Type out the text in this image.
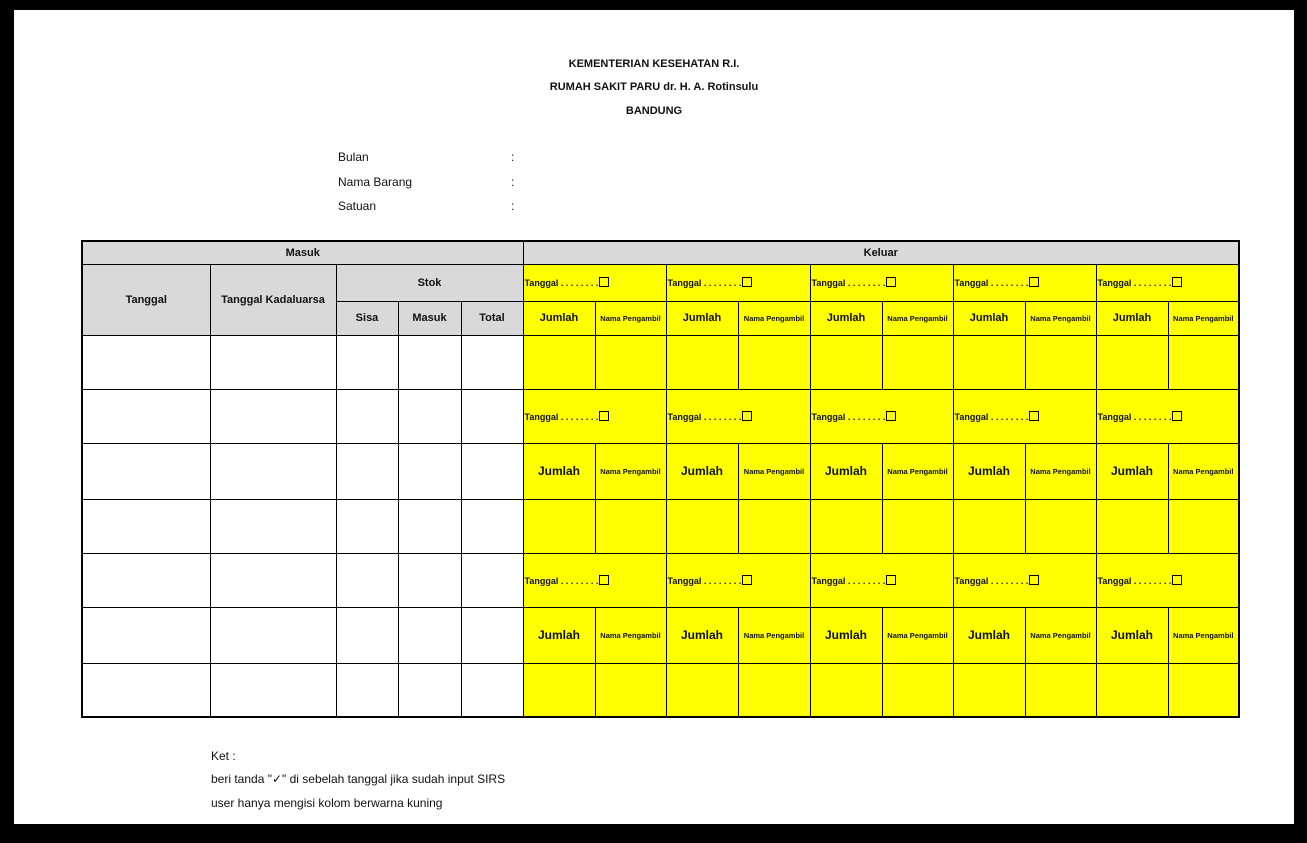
KEMENTERIAN KESEHATAN R.I.
RUMAH SAKIT PARU dr. H. A. Rotinsulu
BANDUNG
Bulan	:
Nama Barang	:
Satuan	:
Masuk					Keluar									
Tanggal	Tanggal Kadaluarsa	Stok			Tanggal . . . . . . . .		Tanggal . . . . . . . .		Tanggal . . . . . . . .		Tanggal . . . . . . . .		Tanggal . . . . . . . .	
		Sisa	Masuk	Total	Jumlah	Nama Pengambil	Jumlah	Nama Pengambil	Jumlah	Nama Pengambil	Jumlah	Nama Pengambil	Jumlah	Nama Pengambil

					Tanggal . . . . . . . .		Tanggal . . . . . . . .		Tanggal . . . . . . . .		Tanggal . . . . . . . .		Tanggal . . . . . . . .	
					Jumlah	Nama Pengambil	Jumlah	Nama Pengambil	Jumlah	Nama Pengambil	Jumlah	Nama Pengambil	Jumlah	Nama Pengambil

					Tanggal . . . . . . . .		Tanggal . . . . . . . .		Tanggal . . . . . . . .		Tanggal . . . . . . . .		Tanggal . . . . . . . .	
					Jumlah	Nama Pengambil	Jumlah	Nama Pengambil	Jumlah	Nama Pengambil	Jumlah	Nama Pengambil	Jumlah	Nama Pengambil

Ket :
beri tanda "✓" di sebelah tanggal jika sudah input SIRS
user hanya mengisi kolom berwarna kuning
